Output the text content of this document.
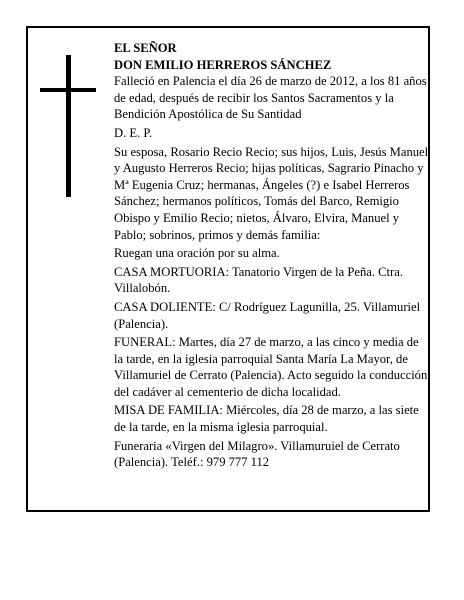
EL SEÑOR

DON EMILIO HERREROS SÁNCHEZ

Falleció en Palencia el día 26 de marzo de 2012, a los 81 años de edad, después de recibir los Santos Sacramentos y la Bendición Apostólica de Su Santidad

D. E. P.

Su esposa, Rosario Recio Recio; sus hijos, Luis, Jesús Manuel y Augusto Herreros Recio; hijas políticas, Sagrario Pinacho y Mª Eugenia Cruz; hermanas, Ángeles (?) e Isabel Herreros Sánchez; hermanos políticos, Tomás del Barco, Remigio Obispo y Emilio Recio; nietos, Álvaro, Elvira, Manuel y Pablo; sobrinos, primos y demás familia:

Ruegan una oración por su alma.

CASA MORTUORIA: Tanatorio Virgen de la Peña. Ctra. Villalobón.

CASA DOLIENTE: C/ Rodríguez Lagunilla, 25. Villamuriel (Palencia).

FUNERAL: Martes, día 27 de marzo, a las cinco y media de la tarde, en la iglesia parroquial Santa María La Mayor, de Villamuriel de Cerrato (Palencia). Acto seguido la conducción del cadáver al cementerio de dicha localidad.

MISA DE FAMILIA: Miércoles, día 28 de marzo, a las siete de la tarde, en la misma iglesia parroquial.

Funeraria «Virgen del Milagro». Villamuruiel de Cerrato (Palencia). Teléf.: 979 777 112
